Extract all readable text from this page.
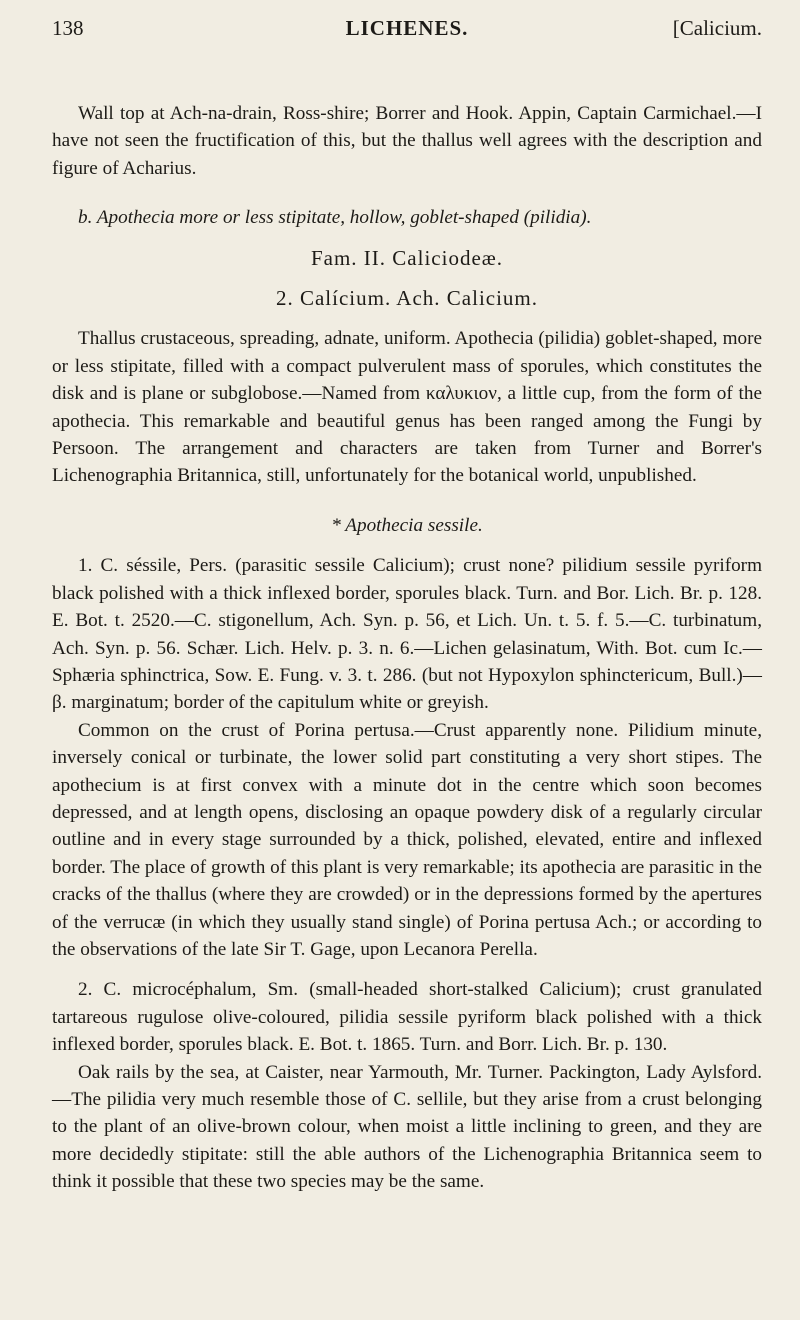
138	LICHENES.	[Calicium.

Wall top at Ach-na-drain, Ross-shire; Borrer and Hook. Appin, Captain Carmichael.—I have not seen the fructification of this, but the thallus well agrees with the description and figure of Acharius.

b. Apothecia more or less stipitate, hollow, goblet-shaped (pilidia).

Fam. II. Caliciodeæ.

2. Calícium. Ach. Calicium.

Thallus crustaceous, spreading, adnate, uniform. Apothecia (pilidia) goblet-shaped, more or less stipitate, filled with a compact pulverulent mass of sporules, which constitutes the disk and is plane or subglobose.—Named from καλυκιον, a little cup, from the form of the apothecia. This remarkable and beautiful genus has been ranged among the Fungi by Persoon. The arrangement and characters are taken from Turner and Borrer's Lichenographia Britannica, still, unfortunately for the botanical world, unpublished.

* Apothecia sessile.

1. C. séssile, Pers. (parasitic sessile Calicium); crust none? pilidium sessile pyriform black polished with a thick inflexed border, sporules black. Turn. and Bor. Lich. Br. p. 128. E. Bot. t. 2520.—C. stigonellum, Ach. Syn. p. 56, et Lich. Un. t. 5. f. 5.—C. turbinatum, Ach. Syn. p. 56. Schær. Lich. Helv. p. 3. n. 6.—Lichen gelasinatum, With. Bot. cum Ic.—Sphæria sphinctrica, Sow. E. Fung. v. 3. t. 286. (but not Hypoxylon sphinctericum, Bull.)—β. marginatum; border of the capitulum white or greyish.

Common on the crust of Porina pertusa.—Crust apparently none. Pilidium minute, inversely conical or turbinate, the lower solid part constituting a very short stipes. The apothecium is at first convex with a minute dot in the centre which soon becomes depressed, and at length opens, disclosing an opaque powdery disk of a regularly circular outline and in every stage surrounded by a thick, polished, elevated, entire and inflexed border. The place of growth of this plant is very remarkable; its apothecia are parasitic in the cracks of the thallus (where they are crowded) or in the depressions formed by the apertures of the verrucæ (in which they usually stand single) of Porina pertusa Ach.; or according to the observations of the late Sir T. Gage, upon Lecanora Perella.

2. C. microcéphalum, Sm. (small-headed short-stalked Calicium); crust granulated tartareous rugulose olive-coloured, pilidia sessile pyriform black polished with a thick inflexed border, sporules black. E. Bot. t. 1865. Turn. and Borr. Lich. Br. p. 130.

Oak rails by the sea, at Caister, near Yarmouth, Mr. Turner. Packington, Lady Aylsford.—The pilidia very much resemble those of C. sellile, but they arise from a crust belonging to the plant of an olive-brown colour, when moist a little inclining to green, and they are more decidedly stipitate: still the able authors of the Lichenographia Britannica seem to think it possible that these two species may be the same.
